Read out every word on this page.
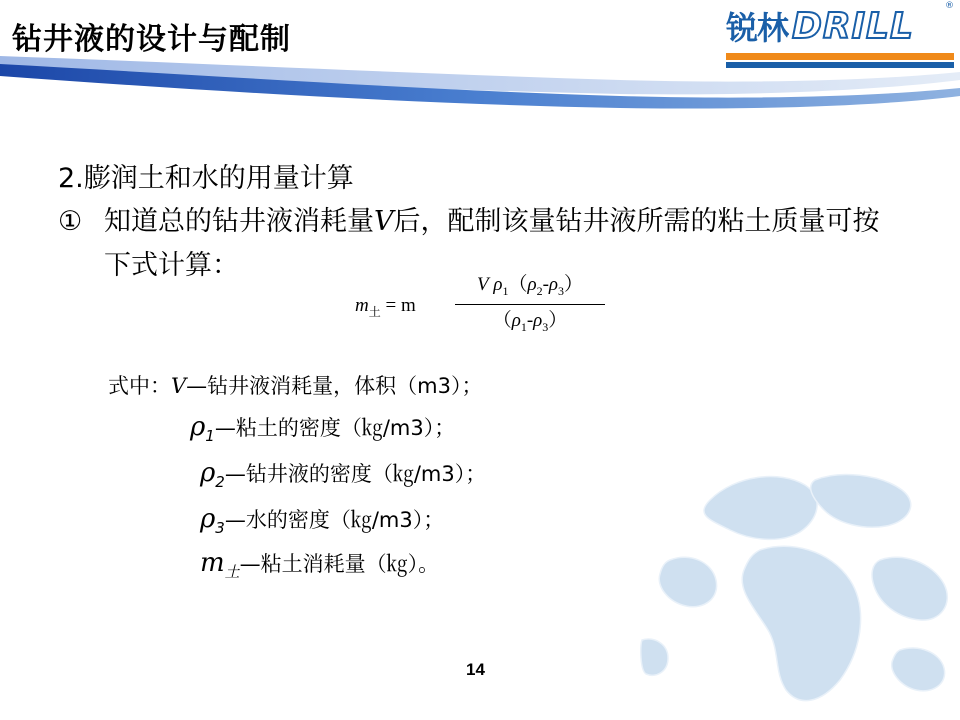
钻井液的设计与配制	锐林 DRILL	®
2.膨润土和水的用量计算
① 知道总的钻井液消耗量V后，配制该量钻井液所需的粘土质量可按下式计算：
$m_土 = m$
V $\rho_1(\rho_2-\rho_3)$
$(\rho_1-\rho_3)$
式中：V—钻井液消耗量，体积（m3）；
$\rho_1—$粘土的密度（㎏/m3）；
$\rho_2—$钻井液的密度（㎏/m3）；
$\rho_3—$水的密度（㎏/m3）；
$m_土—$粘土消耗量（㎏）。
14
